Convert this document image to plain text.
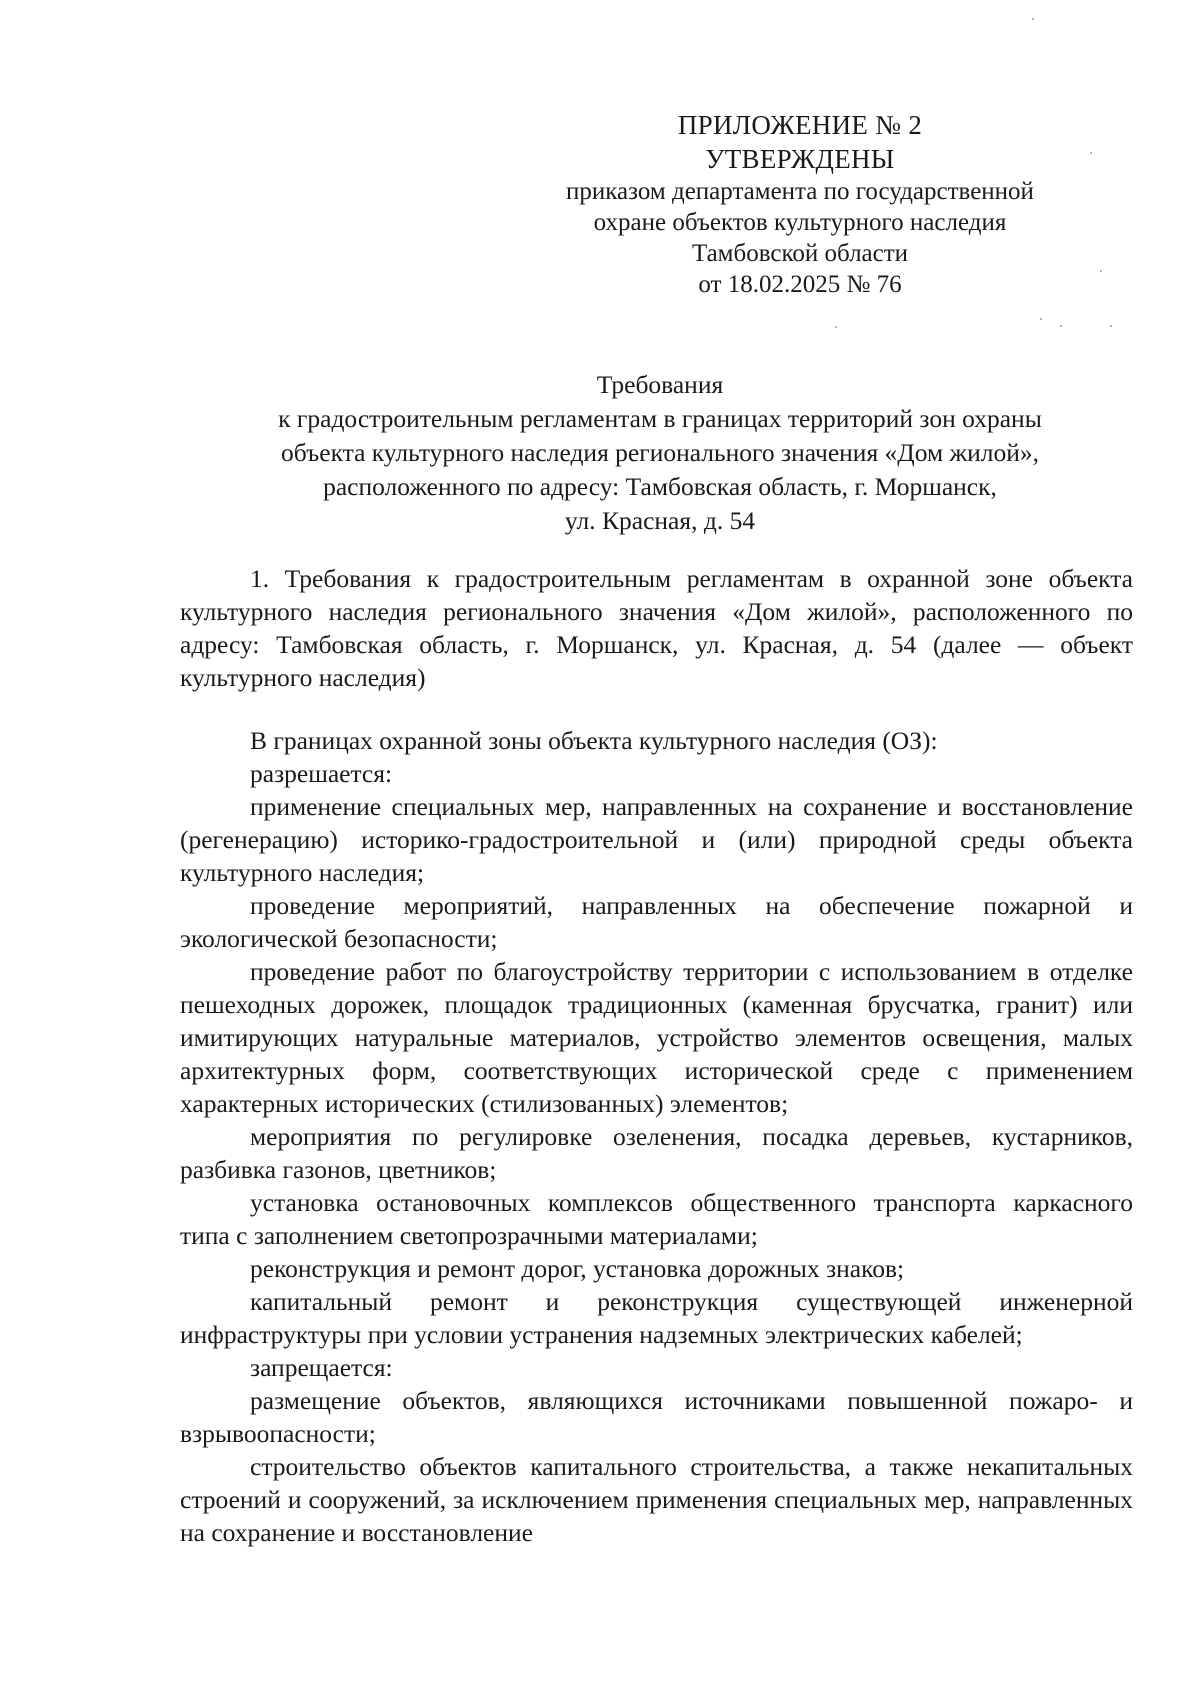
ПРИЛОЖЕНИЕ № 2
УТВЕРЖДЕНЫ
приказом департамента по государственной
охране объектов культурного наследия
Тамбовской области
от 18.02.2025 № 76
Требования
к градостроительным регламентам в границах территорий зон охраны
объекта культурного наследия регионального значения «Дом жилой»,
расположенного по адресу: Тамбовская область, г. Моршанск,
ул. Красная, д. 54

1. Требования к градостроительным регламентам в охранной зоне объекта культурного наследия регионального значения «Дом жилой», расположенного по адресу: Тамбовская область, г. Моршанск, ул. Красная, д. 54 (далее — объект культурного наследия)

В границах охранной зоны объекта культурного наследия (ОЗ):

разрешается:

применение специальных мер, направленных на сохранение и восстановление (регенерацию) историко-градостроительной и (или) природной среды объекта культурного наследия;

проведение мероприятий, направленных на обеспечение пожарной и экологической безопасности;

проведение работ по благоустройству территории с использованием в отделке пешеходных дорожек, площадок традиционных (каменная брусчатка, гранит) или имитирующих натуральные материалов, устройство элементов освещения, малых архитектурных форм, соответствующих исторической среде с применением характерных исторических (стилизованных) элементов;

мероприятия по регулировке озеленения, посадка деревьев, кустарников, разбивка газонов, цветников;

установка остановочных комплексов общественного транспорта каркасного типа с заполнением светопрозрачными материалами;

реконструкция и ремонт дорог, установка дорожных знаков;

капитальный ремонт и реконструкция существующей инженерной инфраструктуры при условии устранения надземных электрических кабелей;

запрещается:

размещение объектов, являющихся источниками повышенной пожаро- и взрывоопасности;

строительство объектов капитального строительства, а также некапитальных строений и сооружений, за исключением применения специальных мер, направленных на сохранение и восстановление
